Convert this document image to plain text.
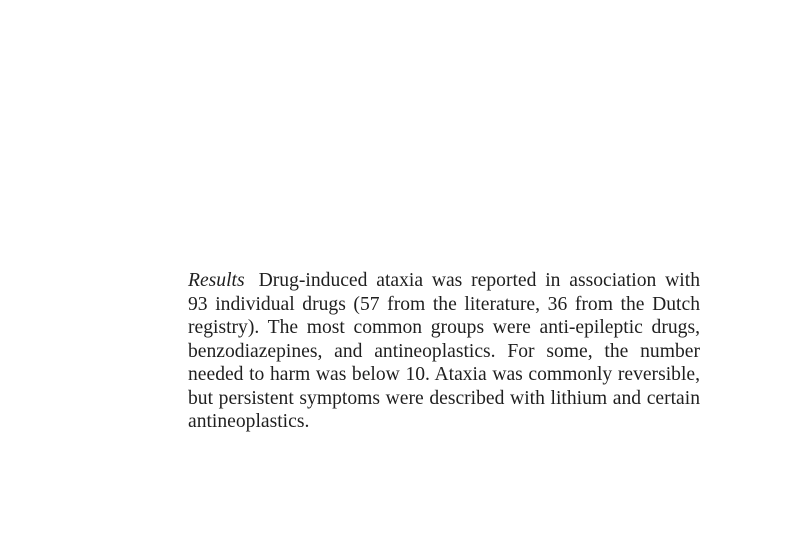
Results Drug-induced ataxia was reported in association with 93 individual drugs (57 from the literature, 36 from the Dutch registry). The most common groups were anti-epileptic drugs, benzodiazepines, and antineoplastics. For some, the number needed to harm was below 10. Ataxia was commonly reversible, but persistent symptoms were described with lithium and certain antineoplastics.
